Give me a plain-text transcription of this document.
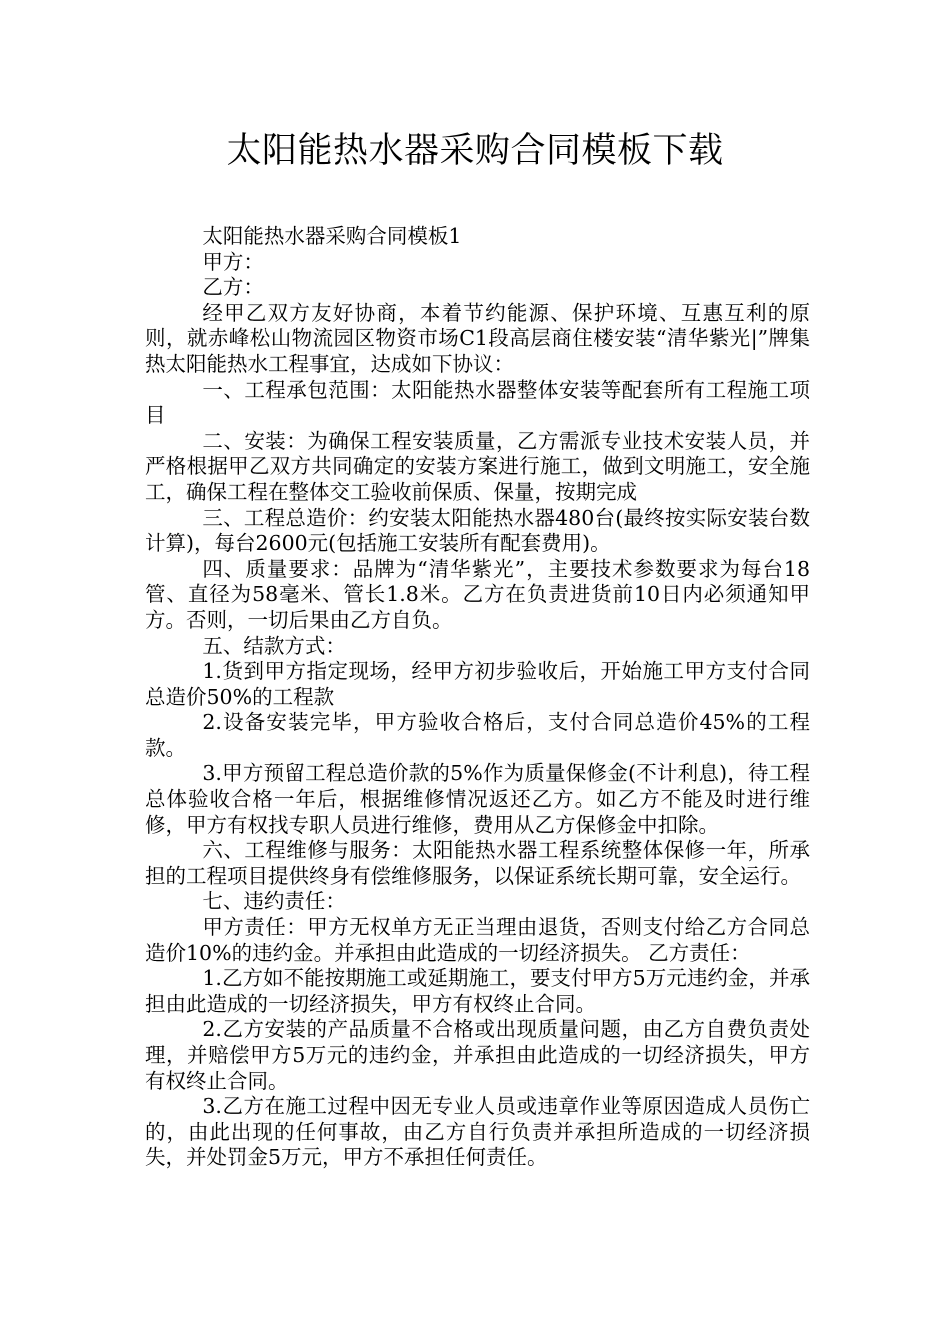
太阳能热水器采购合同模板下载

太阳能热水器采购合同模板1

甲方：

乙方：

经甲乙双方友好协商，本着节约能源、保护环境、互惠互利的原则，就赤峰松山物流园区物资市场C1段高层商住楼安装“清华紫光|”牌集热太阳能热水工程事宜，达成如下协议：

一、工程承包范围：太阳能热水器整体安装等配套所有工程施工项目

二、安装：为确保工程安装质量，乙方需派专业技术安装人员，并严格根据甲乙双方共同确定的安装方案进行施工，做到文明施工，安全施工，确保工程在整体交工验收前保质、保量，按期完成

三、工程总造价：约安装太阳能热水器480台(最终按实际安装台数计算)，每台2600元(包括施工安装所有配套费用)。

四、质量要求：品牌为“清华紫光”，主要技术参数要求为每台18管、直径为58毫米、管长1.8米。乙方在负责进货前10日内必须通知甲方。否则，一切后果由乙方自负。

五、结款方式：

1.货到甲方指定现场，经甲方初步验收后，开始施工甲方支付合同总造价50%的工程款

2.设备安装完毕，甲方验收合格后，支付合同总造价45%的工程款。

3.甲方预留工程总造价款的5%作为质量保修金(不计利息)，待工程总体验收合格一年后，根据维修情况返还乙方。如乙方不能及时进行维修，甲方有权找专职人员进行维修，费用从乙方保修金中扣除。

六、工程维修与服务：太阳能热水器工程系统整体保修一年，所承担的工程项目提供终身有偿维修服务，以保证系统长期可靠，安全运行。

七、违约责任：

甲方责任：甲方无权单方无正当理由退货，否则支付给乙方合同总造价10%的违约金。并承担由此造成的一切经济损失。 乙方责任：

1.乙方如不能按期施工或延期施工，要支付甲方5万元违约金，并承担由此造成的一切经济损失，甲方有权终止合同。

2.乙方安装的产品质量不合格或出现质量问题，由乙方自费负责处理，并赔偿甲方5万元的违约金，并承担由此造成的一切经济损失，甲方有权终止合同。

3.乙方在施工过程中因无专业人员或违章作业等原因造成人员伤亡的，由此出现的任何事故，由乙方自行负责并承担所造成的一切经济损失，并处罚金5万元，甲方不承担任何责任。
